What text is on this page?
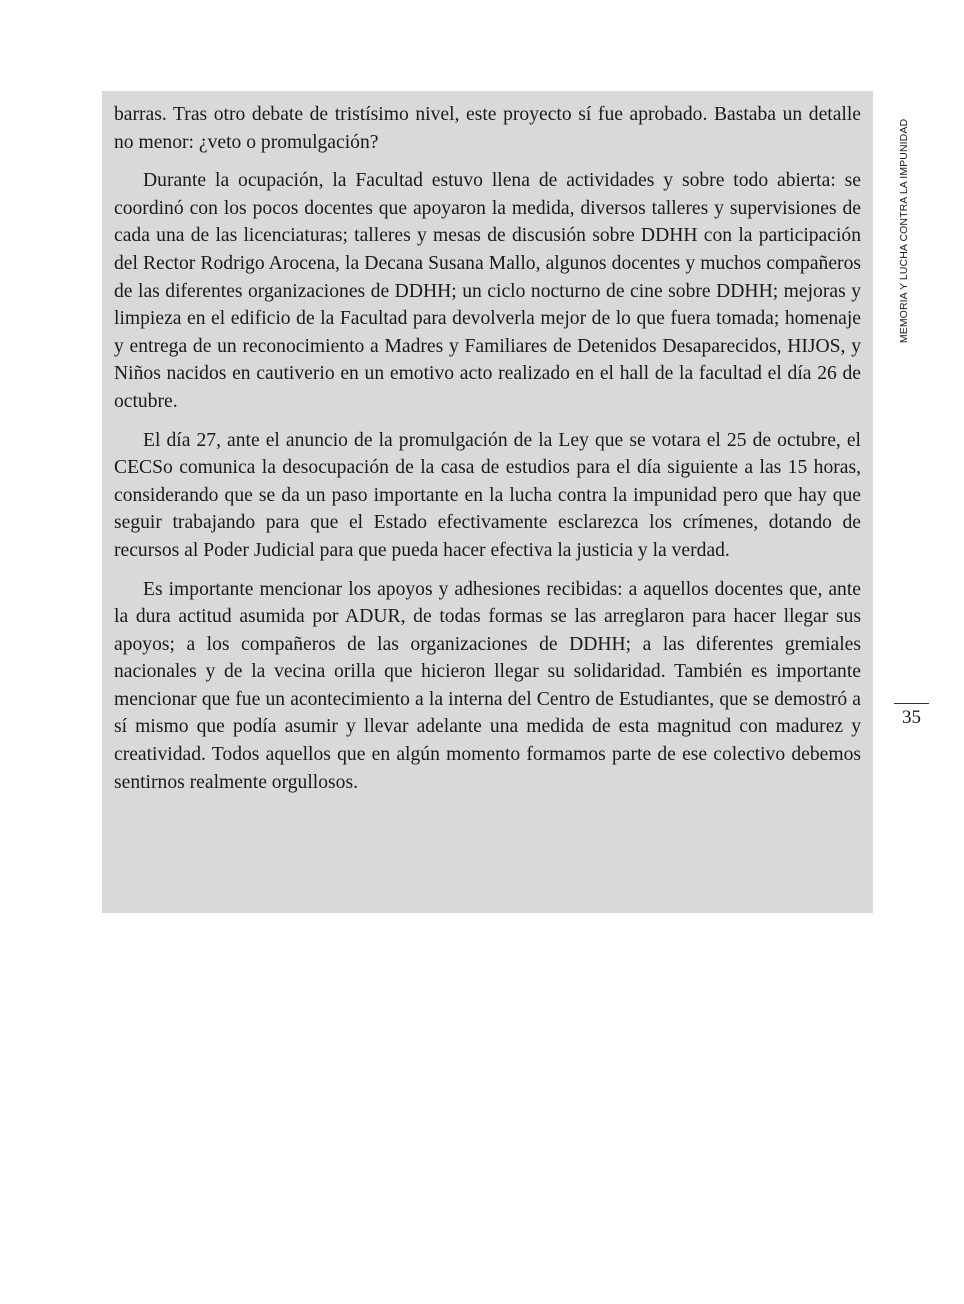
barras. Tras otro debate de tristísimo nivel, este proyecto sí fue aprobado. Bastaba un detalle no menor: ¿veto o promulgación?

Durante la ocupación, la Facultad estuvo llena de actividades y sobre todo abierta: se coordinó con los pocos docentes que apoyaron la medida, diversos talleres y supervisiones de cada una de las licenciaturas; talleres y mesas de discusión sobre DDHH con la participación del Rector Rodrigo Arocena, la Decana Susana Mallo, algunos docentes y muchos compañeros de las diferentes organizaciones de DDHH; un ciclo nocturno de cine sobre DDHH; mejoras y limpieza en el edificio de la Facultad para devolverla mejor de lo que fuera tomada; homenaje y entrega de un reconocimiento a Madres y Familiares de Detenidos Desaparecidos, HIJOS, y Niños nacidos en cautiverio en un emotivo acto realizado en el hall de la facultad el día 26 de octubre.

El día 27, ante el anuncio de la promulgación de la Ley que se votara el 25 de octubre, el CECSo comunica la desocupación de la casa de estudios para el día siguiente a las 15 horas, considerando que se da un paso importante en la lucha contra la impunidad pero que hay que seguir trabajando para que el Estado efectivamente esclarezca los crímenes, dotando de recursos al Poder Judicial para que pueda hacer efectiva la justicia y la verdad.

Es importante mencionar los apoyos y adhesiones recibidas: a aquellos docentes que, ante la dura actitud asumida por ADUR, de todas formas se las arreglaron para hacer llegar sus apoyos; a los compañeros de las organizaciones de DDHH; a las diferentes gremiales nacionales y de la vecina orilla que hicieron llegar su solidaridad. También es importante mencionar que fue un acontecimiento a la interna del Centro de Estudiantes, que se demostró a sí mismo que podía asumir y llevar adelante una medida de esta magnitud con madurez y creatividad. Todos aquellos que en algún momento formamos parte de ese colectivo debemos sentirnos realmente orgullosos.

MEMORIA Y LUCHA CONTRA LA IMPUNIDAD
35
